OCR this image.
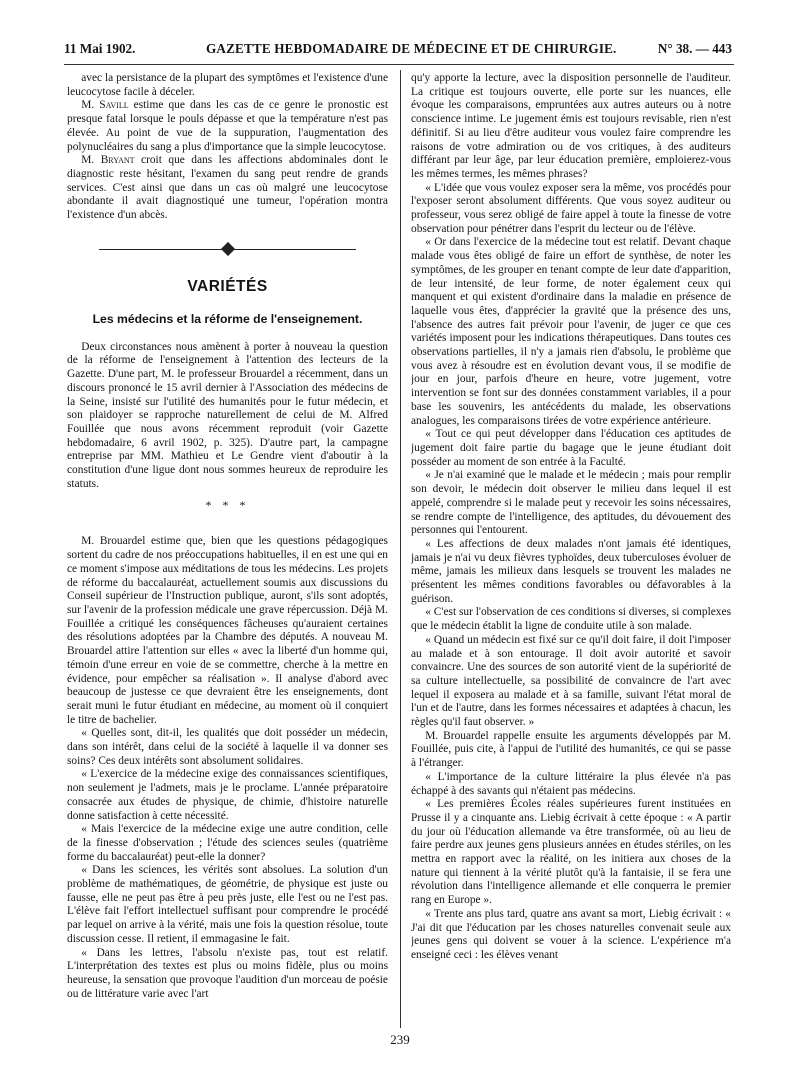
11 Mai 1902.	GAZETTE HEBDOMADAIRE DE MÉDECINE ET DE CHIRURGIE.	N° 38. — 443

avec la persistance de la plupart des symptômes et l'existence d'une leucocytose facile à déceler.

M. Savill estime que dans les cas de ce genre le pronostic est presque fatal lorsque le pouls dépasse et que la température n'est pas élevée. Au point de vue de la suppuration, l'augmentation des polynucléaires du sang a plus d'importance que la simple leucocytose.

M. Bryant croit que dans les affections abdominales dont le diagnostic reste hésitant, l'examen du sang peut rendre de grands services. C'est ainsi que dans un cas où malgré une leucocytose abondante il avait diagnostiqué une tumeur, l'opération montra l'existence d'un abcès.

VARIÉTÉS
Les médecins et la réforme de l'enseignement.

Deux circonstances nous amènent à porter à nouveau la question de la réforme de l'enseignement à l'attention des lecteurs de la Gazette. D'une part, M. le professeur Brouardel a récemment, dans un discours prononcé le 15 avril dernier à l'Association des médecins de la Seine, insisté sur l'utilité des humanités pour le futur médecin, et son plaidoyer se rapproche naturellement de celui de M. Alfred Fouillée que nous avons récemment reproduit (voir Gazette hebdomadaire, 6 avril 1902, p. 325). D'autre part, la campagne entreprise par MM. Mathieu et Le Gendre vient d'aboutir à la constitution d'une ligue dont nous sommes heureux de reproduire les statuts.

* * *

M. Brouardel estime que, bien que les questions pédagogiques sortent du cadre de nos préoccupations habituelles, il en est une qui en ce moment s'impose aux méditations de tous les médecins. Les projets de réforme du baccalauréat, actuellement soumis aux discussions du Conseil supérieur de l'Instruction publique, auront, s'ils sont adoptés, sur l'avenir de la profession médicale une grave répercussion. Déjà M. Fouillée a critiqué les conséquences fâcheuses qu'auraient certaines des résolutions adoptées par la Chambre des députés. A nouveau M. Brouardel attire l'attention sur elles « avec la liberté d'un homme qui, témoin d'une erreur en voie de se commettre, cherche à la mettre en évidence, pour empêcher sa réalisation ». Il analyse d'abord avec beaucoup de justesse ce que devraient être les enseignements, dont serait muni le futur étudiant en médecine, au moment où il conquiert le titre de bachelier.

« Quelles sont, dit-il, les qualités que doit posséder un médecin, dans son intérêt, dans celui de la société à laquelle il va donner ses soins? Ces deux intérêts sont absolument solidaires.

« L'exercice de la médecine exige des connaissances scientifiques, non seulement je l'admets, mais je le proclame. L'année préparatoire consacrée aux études de physique, de chimie, d'histoire naturelle donne satisfaction à cette nécessité.

« Mais l'exercice de la médecine exige une autre condition, celle de la finesse d'observation ; l'étude des sciences seules (quatrième forme du baccalauréat) peut-elle la donner?

« Dans les sciences, les vérités sont absolues. La solution d'un problème de mathématiques, de géométrie, de physique est juste ou fausse, elle ne peut pas être à peu près juste, elle l'est ou ne l'est pas. L'élève fait l'effort intellectuel suffisant pour comprendre le procédé par lequel on arrive à la vérité, mais une fois la question résolue, toute discussion cesse. Il retient, il emmagasine le fait.

« Dans les lettres, l'absolu n'existe pas, tout est relatif. L'interprétation des textes est plus ou moins fidèle, plus ou moins heureuse, la sensation que provoque l'audition d'un morceau de poésie ou de littérature varie avec l'art

qu'y apporte la lecture, avec la disposition personnelle de l'auditeur. La critique est toujours ouverte, elle porte sur les nuances, elle évoque les comparaisons, empruntées aux autres auteurs ou à notre conscience intime. Le jugement émis est toujours revisable, rien n'est définitif. Si au lieu d'être auditeur vous voulez faire comprendre les raisons de votre admiration ou de vos critiques, à des auditeurs différant par leur âge, par leur éducation première, emploierez-vous les mêmes termes, les mêmes phrases?

« L'idée que vous voulez exposer sera la même, vos procédés pour l'exposer seront absolument différents. Que vous soyez auditeur ou professeur, vous serez obligé de faire appel à toute la finesse de votre observation pour pénétrer dans l'esprit du lecteur ou de l'élève.

« Or dans l'exercice de la médecine tout est relatif. Devant chaque malade vous êtes obligé de faire un effort de synthèse, de noter les symptômes, de les grouper en tenant compte de leur date d'apparition, de leur intensité, de leur forme, de noter également ceux qui manquent et qui existent d'ordinaire dans la maladie en présence de laquelle vous êtes, d'apprécier la gravité que la présence des uns, l'absence des autres fait prévoir pour l'avenir, de juger ce que ces variétés imposent pour les indications thérapeutiques. Dans toutes ces observations partielles, il n'y a jamais rien d'absolu, le problème que vous avez à résoudre est en évolution devant vous, il se modifie de jour en jour, parfois d'heure en heure, votre jugement, votre intervention se font sur des données constamment variables, il a pour base les souvenirs, les antécédents du malade, les observations analogues, les comparaisons tirées de votre expérience antérieure.

« Tout ce qui peut développer dans l'éducation ces aptitudes de jugement doit faire partie du bagage que le jeune étudiant doit posséder au moment de son entrée à la Faculté.

« Je n'ai examiné que le malade et le médecin ; mais pour remplir son devoir, le médecin doit observer le milieu dans lequel il est appelé, comprendre si le malade peut y recevoir les soins nécessaires, se rendre compte de l'intelligence, des aptitudes, du dévouement des personnes qui l'entourent.

« Les affections de deux malades n'ont jamais été identiques, jamais je n'ai vu deux fièvres typhoïdes, deux tuberculoses évoluer de même, jamais les milieux dans lesquels se trouvent les malades ne présentent les mêmes conditions favorables ou défavorables à la guérison.

« C'est sur l'observation de ces conditions si diverses, si complexes que le médecin établit la ligne de conduite utile à son malade.

« Quand un médecin est fixé sur ce qu'il doit faire, il doit l'imposer au malade et à son entourage. Il doit avoir autorité et savoir convaincre. Une des sources de son autorité vient de la supériorité de sa culture intellectuelle, sa possibilité de convaincre de l'art avec lequel il exposera au malade et à sa famille, suivant l'état moral de l'un et de l'autre, dans les formes nécessaires et adaptées à chacun, les règles qu'il faut observer. »

M. Brouardel rappelle ensuite les arguments développés par M. Fouillée, puis cite, à l'appui de l'utilité des humanités, ce qui se passe à l'étranger.

« L'importance de la culture littéraire la plus élevée n'a pas échappé à des savants qui n'étaient pas médecins.

« Les premières Écoles réales supérieures furent instituées en Prusse il y a cinquante ans. Liebig écrivait à cette époque : « A partir du jour où l'éducation allemande va être transformée, où au lieu de faire perdre aux jeunes gens plusieurs années en études stériles, on les mettra en rapport avec la réalité, on les initiera aux choses de la nature qui tiennent à la vérité plutôt qu'à la fantaisie, il se fera une révolution dans l'intelligence allemande et elle conquerra le premier rang en Europe ».

« Trente ans plus tard, quatre ans avant sa mort, Liebig écrivait : « J'ai dit que l'éducation par les choses naturelles convenait seule aux jeunes gens qui doivent se vouer à la science. L'expérience m'a enseigné ceci : les élèves venant

239
